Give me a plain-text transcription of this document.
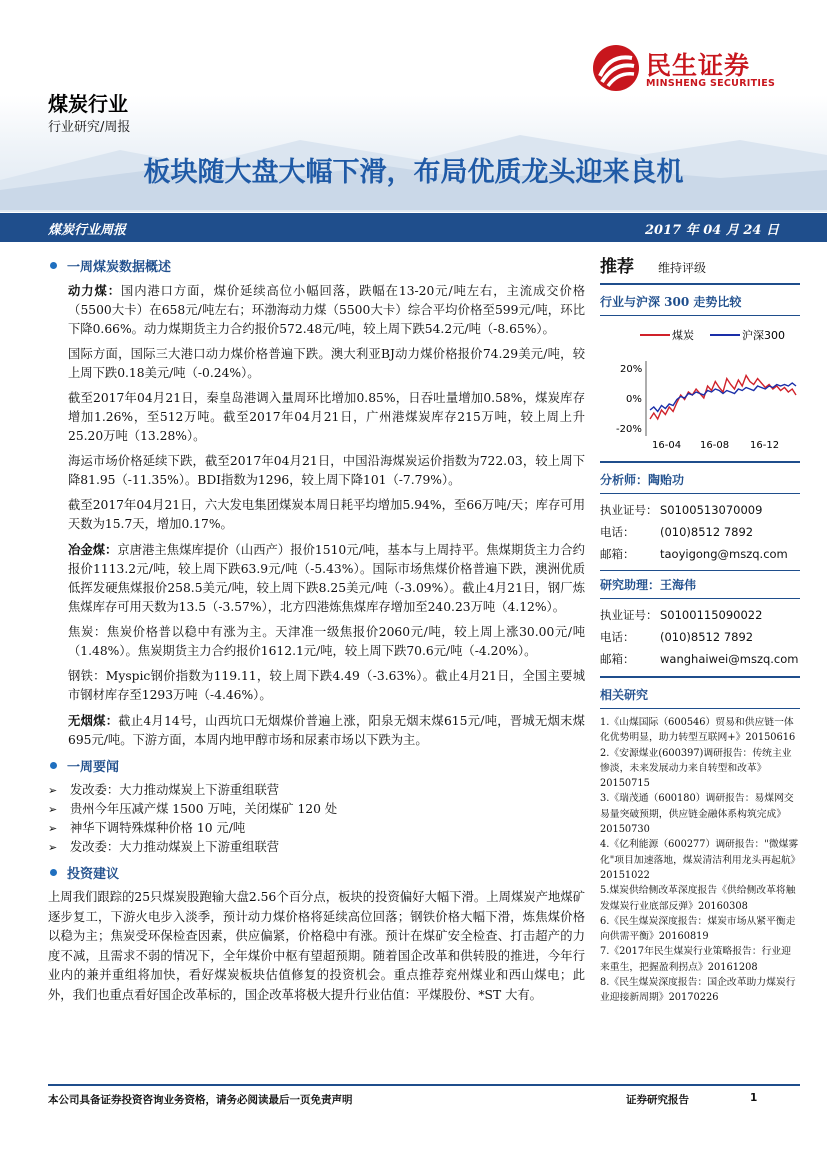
煤炭行业
行业研究/周报
民生证券
MINSHENG SECURITIES
板块随大盘大幅下滑，布局优质龙头迎来良机
煤炭行业周报	2017 年 04 月 24 日
一周煤炭数据概述

动力煤：国内港口方面，煤价延续高位小幅回落，跌幅在13-20元/吨左右，主流成交价格（5500大卡）在658元/吨左右；环渤海动力煤（5500大卡）综合平均价格至599元/吨，环比下降0.66%。动力煤期货主力合约报价572.48元/吨，较上周下跌54.2元/吨（-8.65%）。

国际方面，国际三大港口动力煤价格普遍下跌。澳大利亚BJ动力煤价格报价74.29美元/吨，较上周下跌0.18美元/吨（-0.24%）。

截至2017年04月21日，秦皇岛港调入量周环比增加0.85%，日吞吐量增加0.58%，煤炭库存增加1.26%，至512万吨。截至2017年04月21日，广州港煤炭库存215万吨，较上周上升25.20万吨（13.28%）。

海运市场价格延续下跌，截至2017年04月21日，中国沿海煤炭运价指数为722.03，较上周下降81.95（-11.35%）。BDI指数为1296，较上周下降101（-7.79%）。

截至2017年04月21日，六大发电集团煤炭本周日耗平均增加5.94%，至66万吨/天；库存可用天数为15.7天，增加0.17%。

冶金煤：京唐港主焦煤库提价（山西产）报价1510元/吨，基本与上周持平。焦煤期货主力合约报价1113.2元/吨，较上周下跌63.9元/吨（-5.43%）。国际市场焦煤价格普遍下跌，澳洲优质低挥发硬焦煤报价258.5美元/吨，较上周下跌8.25美元/吨（-3.09%）。截止4月21日，钢厂炼焦煤库存可用天数为13.5（-3.57%），北方四港炼焦煤库存增加至240.23万吨（4.12%）。

焦炭：焦炭价格普以稳中有涨为主。天津准一级焦报价2060元/吨，较上周上涨30.00元/吨（1.48%）。焦炭期货主力合约报价1612.1元/吨，较上周下跌70.6元/吨（-4.20%）。

钢铁：Myspic钢价指数为119.11，较上周下跌4.49（-3.63%）。截止4月21日，全国主要城市钢材库存至1293万吨（-4.46%）。

无烟煤：截止4月14号，山西坑口无烟煤价普遍上涨，阳泉无烟末煤615元/吨，晋城无烟末煤695元/吨。下游方面，本周内地甲醇市场和尿素市场以下跌为主。

一周要闻
➢	发改委：大力推动煤炭上下游重组联营
➢	贵州今年压减产煤 1500 万吨，关闭煤矿 120 处
➢	神华下调特殊煤种价格 10 元/吨
➢	发改委：大力推动煤炭上下游重组联营
投资建议

上周我们跟踪的25只煤炭股跑输大盘2.56个百分点，板块的投资偏好大幅下滑。上周煤炭产地煤矿逐步复工，下游火电步入淡季，预计动力煤价格将延续高位回落；钢铁价格大幅下滑，炼焦煤价格以稳为主；焦炭受环保检查因素，供应偏紧，价格稳中有涨。预计在煤矿安全检查、打击超产的力度不减，且需求不弱的情况下，全年煤价中枢有望超预期。随着国企改革和供转股的推进，今年行业内的兼并重组将加快，看好煤炭板块估值修复的投资机会。重点推荐兖州煤业和西山煤电；此外，我们也重点看好国企改革标的，国企改革将极大提升行业估值：平煤股份、*ST 大有。

推荐 维持评级
行业与沪深 300 走势比较
煤炭	沪深300
20%
0%
-20%
16-04 16-08 16-12
分析师：陶贻功
执业证号： S0100513070009
电话：	(010)8512 7892
邮箱：	taoyigong@mszq.com
研究助理：王海伟
执业证号： S0100115090022
电话：	(010)8512 7892
邮箱：	wanghaiwei@mszq.com
相关研究

1.《山煤国际（600546）贸易和供应链一体化优势明显，助力转型互联网+》20150616

2.《安源煤业(600397)调研报告：传统主业惨淡，未来发展动力来自转型和改革》20150715

3.《瑞茂通（600180）调研报告：易煤网交易量突破预期，供应链金融体系构筑完成》20150730

4.《亿利能源（600277）调研报告："微煤雾化"项目加速落地，煤炭清洁利用龙头再起航》20151022

5.煤炭供给侧改革深度报告《供给侧改革将触发煤炭行业底部反弹》20160308

6.《民生煤炭深度报告：煤炭市场从紧平衡走向供需平衡》20160819

7.《2017年民生煤炭行业策略报告：行业迎来重生，把握盈利拐点》20161208

8.《民生煤炭深度报告：国企改革助力煤炭行业迎接新周期》20170226

本公司具备证券投资咨询业务资格，请务必阅读最后一页免责声明	证券研究报告	1
